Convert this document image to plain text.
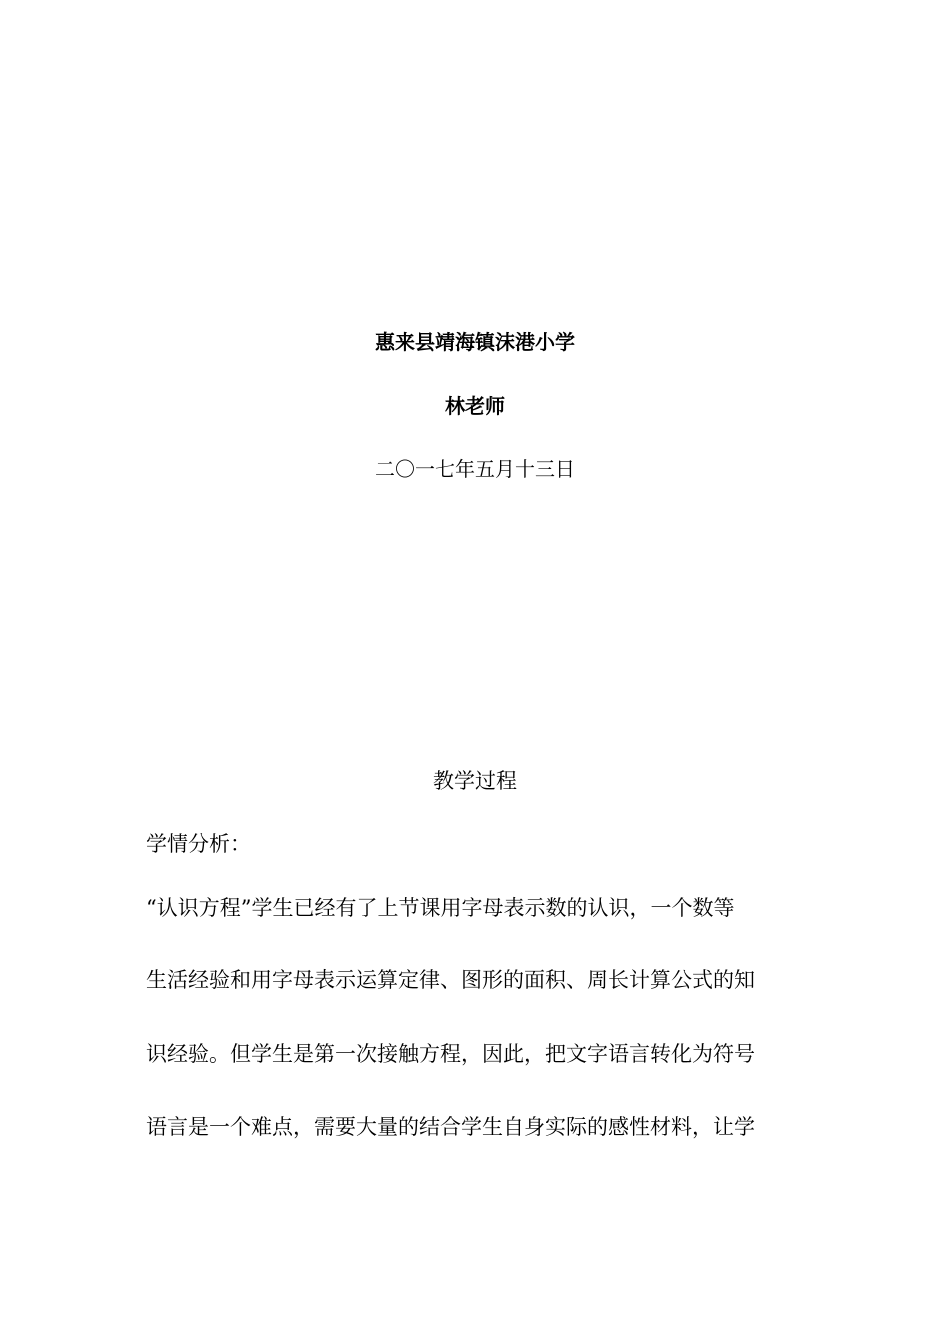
惠来县靖海镇沫港小学
林老师
二〇一七年五月十三日
教学过程
学情分析：
“认识方程”学生已经有了上节课用字母表示数的认识，一个数等
生活经验和用字母表示运算定律、图形的面积、周长计算公式的知
识经验。但学生是第一次接触方程，因此，把文字语言转化为符号
语言是一个难点，需要大量的结合学生自身实际的感性材料，让学
